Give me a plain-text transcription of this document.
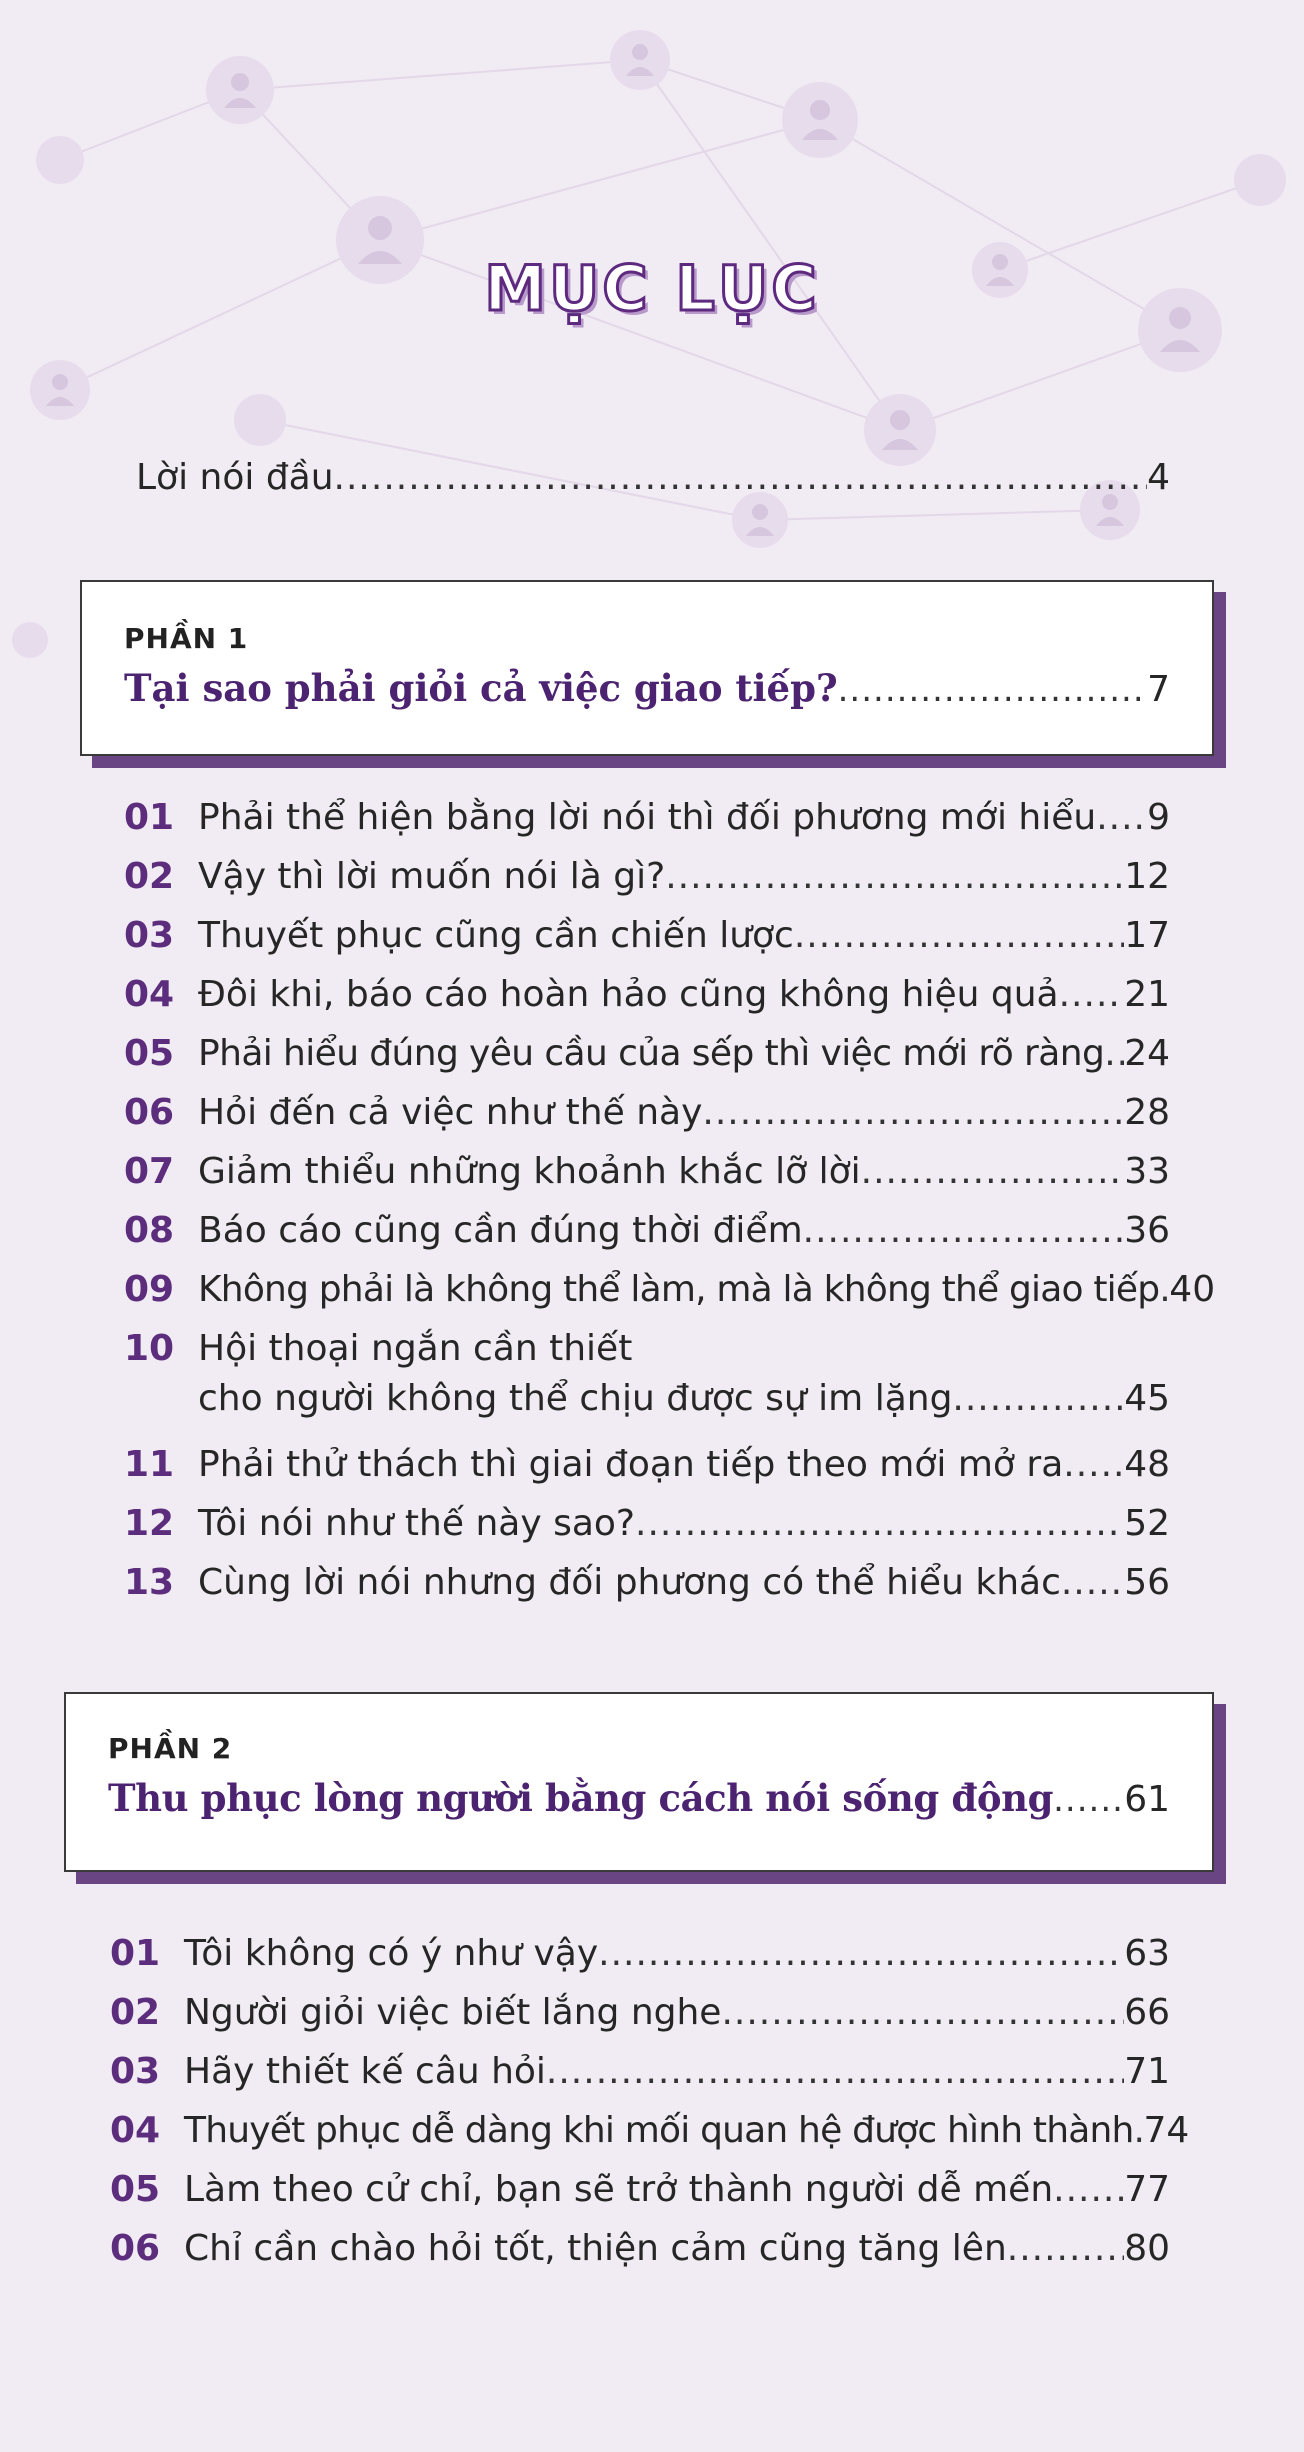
MỤC LỤC
Lời nói đầu .....	4
PHẦN 1
Tại sao phải giỏi cả việc giao tiếp? .....	7
01 Phải thể hiện bằng lời nói thì đối phương mới hiểu ..... 9
02 Vậy thì lời muốn nói là gì? .....	12
03 Thuyết phục cũng cần chiến lược .....	17
04 Đôi khi, báo cáo hoàn hảo cũng không hiệu quả ..... 21
05 Phải hiểu đúng yêu cầu của sếp thì việc mới rõ ràng ..... 24
06 Hỏi đến cả việc như thế này .....	28
07 Giảm thiểu những khoảnh khắc lỡ lời .....	33
08 Báo cáo cũng cần đúng thời điểm .....	36
09 Không phải là không thể làm, mà là không thể giao tiếp ..... 40
10 Hội thoại ngắn cần thiết
cho người không thể chịu được sự im lặng .....	45
11 Phải thử thách thì giai đoạn tiếp theo mới mở ra ..... 48
12 Tôi nói như thế này sao? .....	52
13 Cùng lời nói nhưng đối phương có thể hiểu khác ..... 56
PHẦN 2
Thu phục lòng người bằng cách nói sống động ..... 61
01 Tôi không có ý như vậy .....	63
02 Người giỏi việc biết lắng nghe .....	66
03 Hãy thiết kế câu hỏi .....	71
04 Thuyết phục dễ dàng khi mối quan hệ được hình thành ..... 74
05 Làm theo cử chỉ, bạn sẽ trở thành người dễ mến ..... 77
06 Chỉ cần chào hỏi tốt, thiện cảm cũng tăng lên .....	80
